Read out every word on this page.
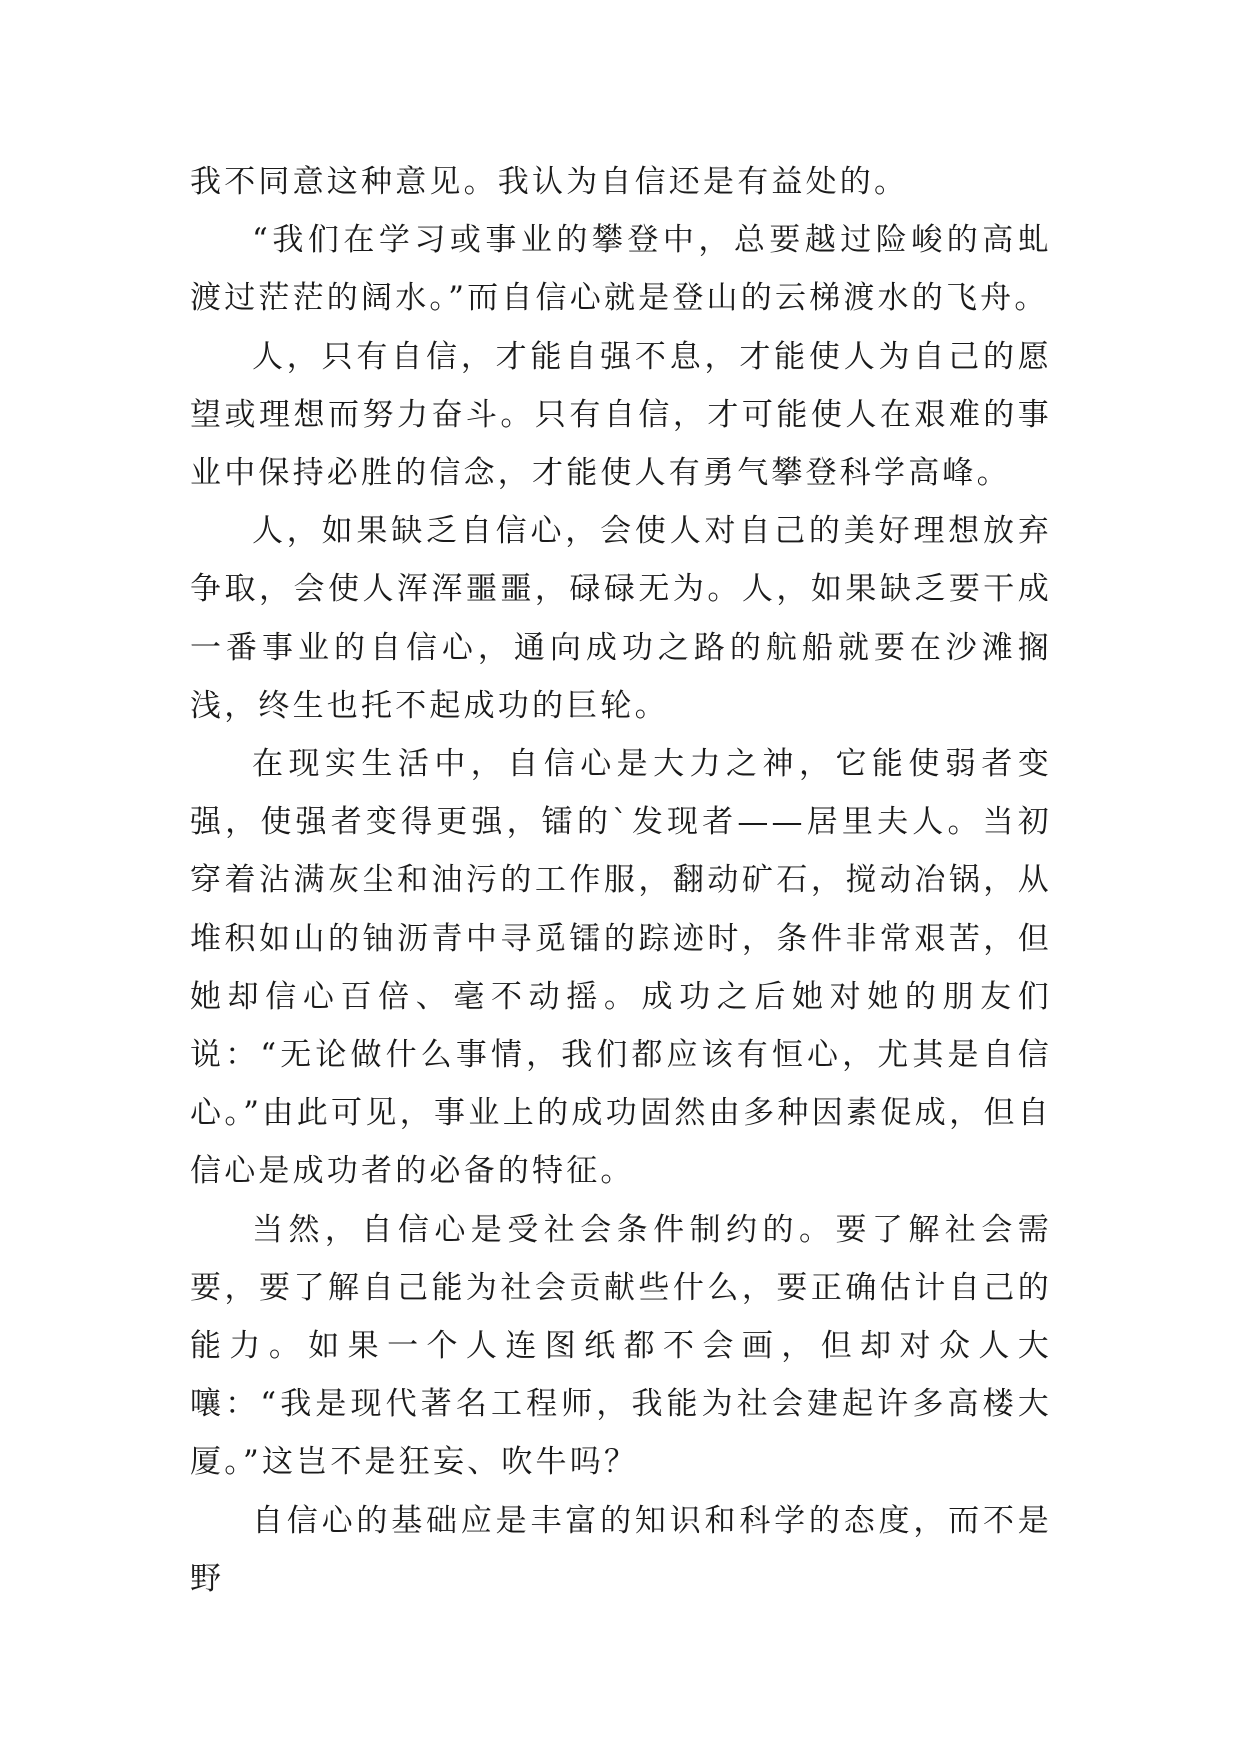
我不同意这种意见。我认为自信还是有益处的。

“我们在学习或事业的攀登中，总要越过险峻的高虬渡过茫茫的阔水。”而自信心就是登山的云梯渡水的飞舟。

人，只有自信，才能自强不息，才能使人为自己的愿望或理想而努力奋斗。只有自信，才可能使人在艰难的事业中保持必胜的信念，才能使人有勇气攀登科学高峰。

人，如果缺乏自信心，会使人对自己的美好理想放弃争取，会使人浑浑噩噩，碌碌无为。人，如果缺乏要干成一番事业的自信心，通向成功之路的航船就要在沙滩搁浅，终生也托不起成功的巨轮。

在现实生活中，自信心是大力之神，它能使弱者变强，使强者变得更强，镭的`发现者——居里夫人。当初穿着沾满灰尘和油污的工作服，翻动矿石，搅动冶锅，从堆积如山的铀沥青中寻觅镭的踪迹时，条件非常艰苦，但她却信心百倍、毫不动摇。成功之后她对她的朋友们说：“无论做什么事情，我们都应该有恒心，尤其是自信心。”由此可见，事业上的成功固然由多种因素促成，但自信心是成功者的必备的特征。

当然，自信心是受社会条件制约的。要了解社会需要，要了解自己能为社会贡献些什么，要正确估计自己的能力。如果一个人连图纸都不会画，但却对众人大嚷：“我是现代著名工程师，我能为社会建起许多高楼大厦。”这岂不是狂妄、吹牛吗？

自信心的基础应是丰富的知识和科学的态度，而不是野
